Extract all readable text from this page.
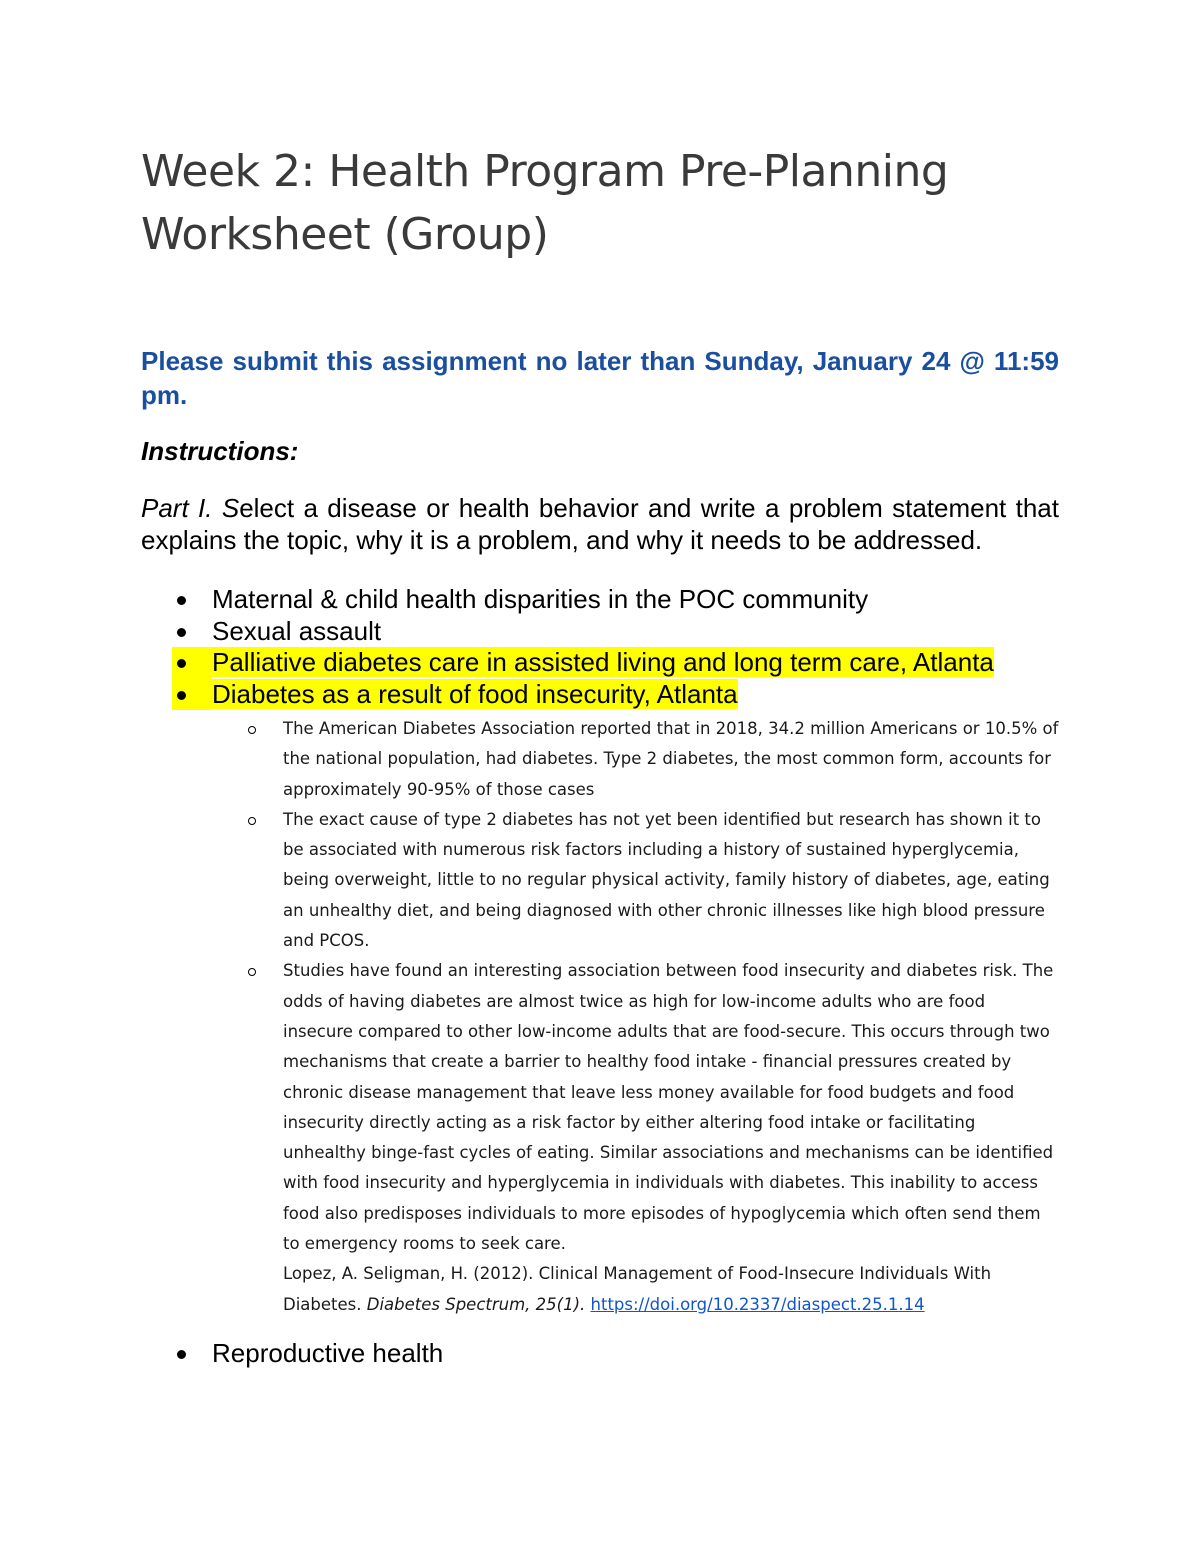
Week 2: Health Program Pre-Planning
Worksheet (Group)

Please submit this assignment no later than Sunday, January 24 @ 11:59 pm.

Instructions:

Part I. Select a disease or health behavior and write a problem statement that explains the topic, why it is a problem, and why it needs to be addressed.

Maternal & child health disparities in the POC community
Sexual assault
Palliative diabetes care in assisted living and long term care, Atlanta
Diabetes as a result of food insecurity, Atlanta
The American Diabetes Association reported that in 2018, 34.2 million Americans or 10.5% of the national population, had diabetes. Type 2 diabetes, the most common form, accounts for approximately 90-95% of those cases
The exact cause of type 2 diabetes has not yet been identified but research has shown it to be associated with numerous risk factors including a history of sustained hyperglycemia, being overweight, little to no regular physical activity, family history of diabetes, age, eating an unhealthy diet, and being diagnosed with other chronic illnesses like high blood pressure and PCOS.
Studies have found an interesting association between food insecurity and diabetes risk. The odds of having diabetes are almost twice as high for low-income adults who are food insecure compared to other low-income adults that are food-secure. This occurs through two mechanisms that create a barrier to healthy food intake - financial pressures created by chronic disease management that leave less money available for food budgets and food insecurity directly acting as a risk factor by either altering food intake or facilitating unhealthy binge-fast cycles of eating. Similar associations and mechanisms can be identified with food insecurity and hyperglycemia in individuals with diabetes. This inability to access food also predisposes individuals to more episodes of hypoglycemia which often send them to emergency rooms to seek care.
Lopez, A. Seligman, H. (2012). Clinical Management of Food-Insecure Individuals With Diabetes. Diabetes Spectrum, 25(1). https://doi.org/10.2337/diaspect.25.1.14
Reproductive health
